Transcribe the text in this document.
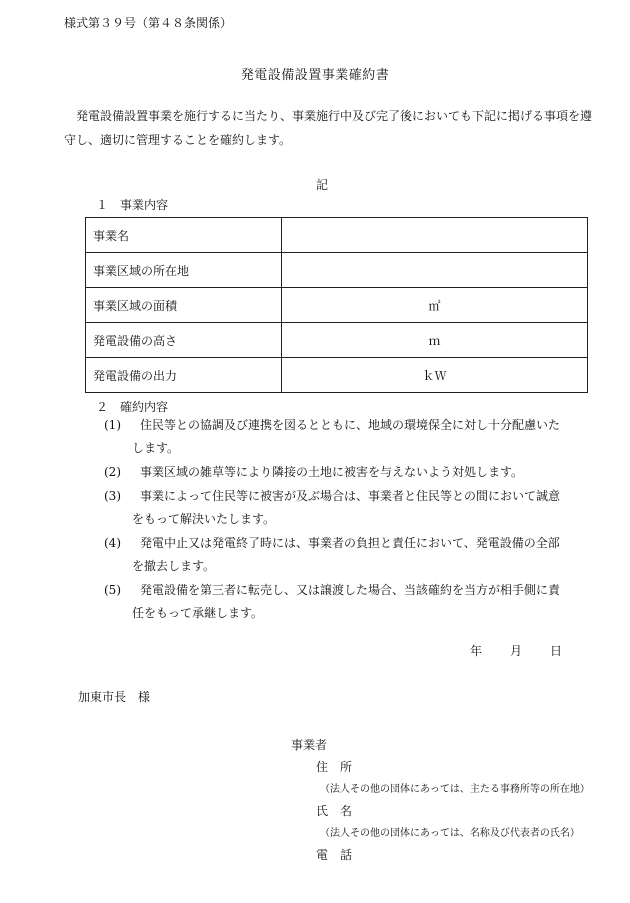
様式第３９号（第４８条関係）
発電設備設置事業確約書
発電設備設置事業を施行するに当たり、事業施行中及び完了後においても下記に掲げる事項を遵守し、適切に管理することを確約します。
記
１　事業内容
事業名	
事業区域の所在地	
事業区域の面積	㎡
発電設備の高さ	ｍ
発電設備の出力	ｋＷ
２　確約内容
(1)	住民等との協調及び連携を図るとともに、地域の環境保全に対し十分配慮いた
します。
(2)	事業区域の雑草等により隣接の土地に被害を与えないよう対処します。
(3)	事業によって住民等に被害が及ぶ場合は、事業者と住民等との間において誠意
をもって解決いたします。
(4)	発電中止又は発電終了時には、事業者の負担と責任において、発電設備の全部
を撤去します。
(5)	発電設備を第三者に転売し、又は譲渡した場合、当該確約を当方が相手側に責
任をもって承継します。
年 月 日
加東市長　様
事業者
住　所
（法人その他の団体にあっては、主たる事務所等の所在地）
氏　名
（法人その他の団体にあっては、名称及び代表者の氏名）
電　話
